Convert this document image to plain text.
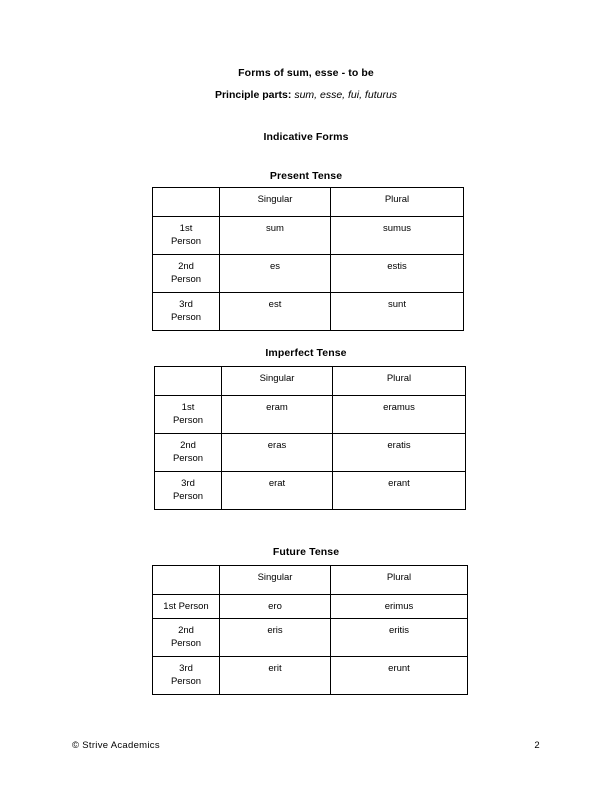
Forms of sum, esse - to be
Principle parts: sum, esse, fui, futurus
Indicative Forms
Present Tense
	Singular	Plural
1st
Person	sum	sumus
2nd
Person	es	estis
3rd
Person	est	sunt
Imperfect Tense
	Singular	Plural
1st
Person	eram	eramus
2nd
Person	eras	eratis
3rd
Person	erat	erant
Future Tense
	Singular	Plural
1st Person	ero	erimus
2nd
Person	eris	eritis
3rd
Person	erit	erunt
© Strive Academics	2
